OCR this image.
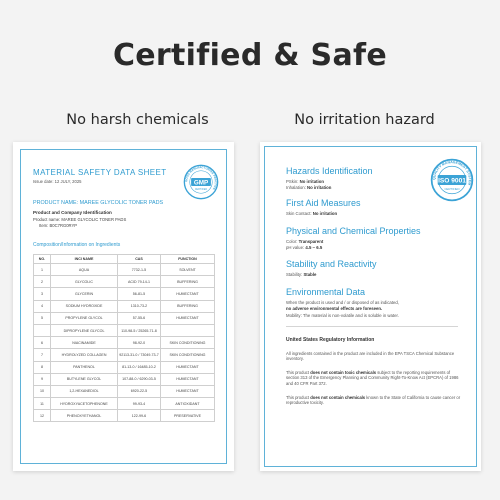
Certified & Safe
No harsh chemicals	No irritation hazard
MATERIAL SAFETY DATA SHEET
Issue date: 12 JULY, 2025
PRODUCT NAME: MAREE GLYCOLIC TONER PADS
Product and Company Identification
Product name: MAREE GLYCOLIC TONER PADS
Item: B0C7RG0RYP
Composition/Information on Ingredients
GOOD MANUFACTURING PRACTICE
GMP
CERTIFIED
NO.	INCI NAME	CAS	FUNCTION
1	AQUA	7732-1-5	SOLVENT
2	GLYCOLIC	ACID 79-14-1	BUFFERING
3	GLYCERIN	56-81-5	HUMECTANT
4	SODIUM HYDROXIDE	1310-73-2	BUFFERING
5	PROPYLENE GLYCOL	57-55-6	HUMECTANT
	DIPROPYLENE GLYCOL	110-98-5 / 25265-71-8	
6	NIACINAMIDE	98-92-0	SKIN CONDITIONING
7	HYDROLYZED COLLAGEN	92113-31-0 / 73049-73-7	SKIN CONDITIONING
8	PANTHENOL	81-13-0 / 16485-10-2	HUMECTANT
9	BUTYLENE GLYCOL	107-88-0 / 6290-03-5	HUMECTANT
10	1,2-HEXANEDIOL	6920-22-5	HUMECTANT
11	HYDROXYACETOPHENONE	99-93-4	ANTIOXIDANT
12	PHENOXYETHANOL	122-99-6	PRESERVATIVE
QUALITY MANAGEMENT SYSTEM
ISO 9001
CERTIFIED
Hazards Identification
PSkin: No irritation
Inhalation: No irritation
First Aid Measures
Skin Contact: No irritation
Physical and Chemical Properties
Color: Transparent
pH value: 4.5 ~ 6.5
Stability and Reactivity
Stability: Stable
Environmental Data
When the product is used and / or disposed of as indicated,
no adverse environmental effects are foreseen.
Mobility: The material is non-volatile and is soluble in water.
United States Regulatory Information
All ingredients contained in the product are included in the EPA TSCA Chemical Substance inventory.
This product does not contain toxic chemicals subject to the reporting requirements of section 313 of the Emergency Planning and Community Right-To-Know Act (EPCRA) of 1986 and 40 CFR Part 372.
This product does not contain chemicals known to the State of California to cause cancer or reproductive toxicity.
